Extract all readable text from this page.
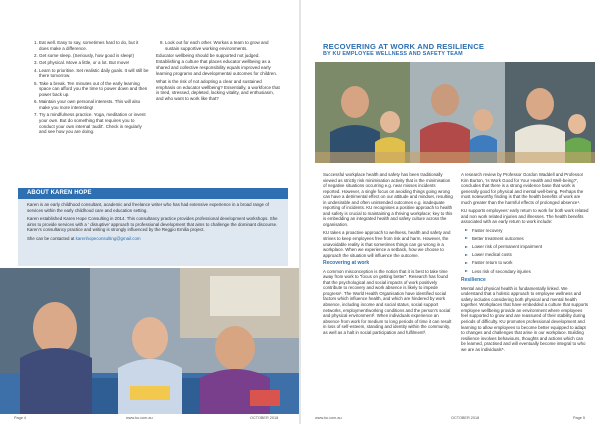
1. Eat well. Easy to say, sometimes hard to do, but it does make a difference.
2. Get some sleep. (Seriously, how good is sleep!)
3. Get physical. Move a little, or a lot. But move!
4. Learn to prioritise. Set realistic daily goals. It will still be there tomorrow.
5. Take a break. Ten minutes out of the early learning space can afford you the time to power down and then power back up.
6. Maintain your own personal interests. This will also make you more interesting!
7. Try a mindfulness practice. Yoga, meditation or invent your own. But do something that requires you to conduct your own internal ‘audit’. Check in regularly and see how you are doing.
8. Look out for each other. Workas a team to grow and sustain supportive working environments.

Educator wellbeing should be supported not judged. Establishing a culture that places educator wellbeing as a shared and collective responsibility equals improved early learning programs and developmental outcomes for children.

What is the risk of not adopting a clear and sustained emphasis on educator wellbeing? Essentially, a workforce that is tired, stressed, depleted, lacking vitality, and enthusiasm, and who want to work like that?

ABOUT KAREN HOPE

Karen is an early childhood consultant, academic and freelance writer who has had extensive experience in a broad range of services within the early childhood care and education setting.

Karen established Karen Hope Consulting in 2014. This consultancy practice provides professional development workshops. She aims to provide services with a ‘ disruptive’ approach to professional development that aims to challenge the dominant discourse. Karen’s consultancy practice and writing is strongly influenced by the Reggio Emilia project.

She can be contacted at karenhopeconsulting@gmail.com

Page 4	www.ku.com.au	OCTOBER 2018
RECOVERING AT WORK AND RESILIENCE
BY KU EMPLOYEE WELLNESS AND SAFETY TEAM

Successful workplace health and safety has been traditionally viewed as strictly risk minimisation activity that is the minimisation of negative situations occurring e.g. near misses incidents reported. However, a single focus on avoiding things going wrong can have a detrimental effect on our attitude and mindset, resulting in undesirable and often unintended outcomes e.g. inadequate reporting of incidents. KU recognises a positive approach to health and safety is crucial to maintaining a thriving workplace; key to this is embedding an integrated health and safety culture across the organisation.

KU takes a proactive approach to wellness, health and safety and strives to keep employees free from risk and harm. However, the unavoidable reality is that sometimes things can go wrong in a workplace. When we experience a setback, how we choose to approach the situation will influence the outcome.

Recovering at work

A common misconception is the notion that it is best to take time away from work to “focus on getting better”. Research has found that the psychological and social impacts of work positively contribute to recovery and work absence is likely to impede progress¹. The World Health Organisation have identified social factors which influence health, and which are hindered by work absence, including income and social status, social support networks, employment/working conditions and the person’s social and physical environment². When individuals experience an absence from work for medium to long periods of time it can result in loss of self-esteem, standing and identity within the community, as well as a halt in social participation and fulfilment³.

A research review by Professor Gordon Waddell and Professor Kim Burton, ‘Is Work Good for Your Health and Well-being?’, concludes that there is a strong evidence base that work is generally good for physical and mental well-being. Perhaps the most noteworthy finding is that the health benefits of work are much greater than the harmful effects of prolonged absence⁴.

KU supports employees’ early return to work for both work related and non work related injuries and illnesses. The health benefits associated with an early return to work include:

Faster recovery
Better treatment outcomes
Lower risk of permanent impairment
Lower medical costs
Faster return to work
Less risk of secondary injuries
Resilience

Mental and physical health is fundamentally linked. We understand that a holistic approach to employee wellness and safety includes considering both physical and mental health together. Workplaces that have embedded a culture that supports employee wellbeing provide an environment where employees feel supported to grow and are reassured of their stability during periods of difficulty. KU promotes professional development and learning to allow employees to become better equipped to adapt to changes and challenges that arise in our workplace. Building resilience involves behaviours, thoughts and actions which can be learned, practised and will eventually become integral to who we are as individuals⁵.

www.ku.com.au	OCTOBER 2018	Page 5
